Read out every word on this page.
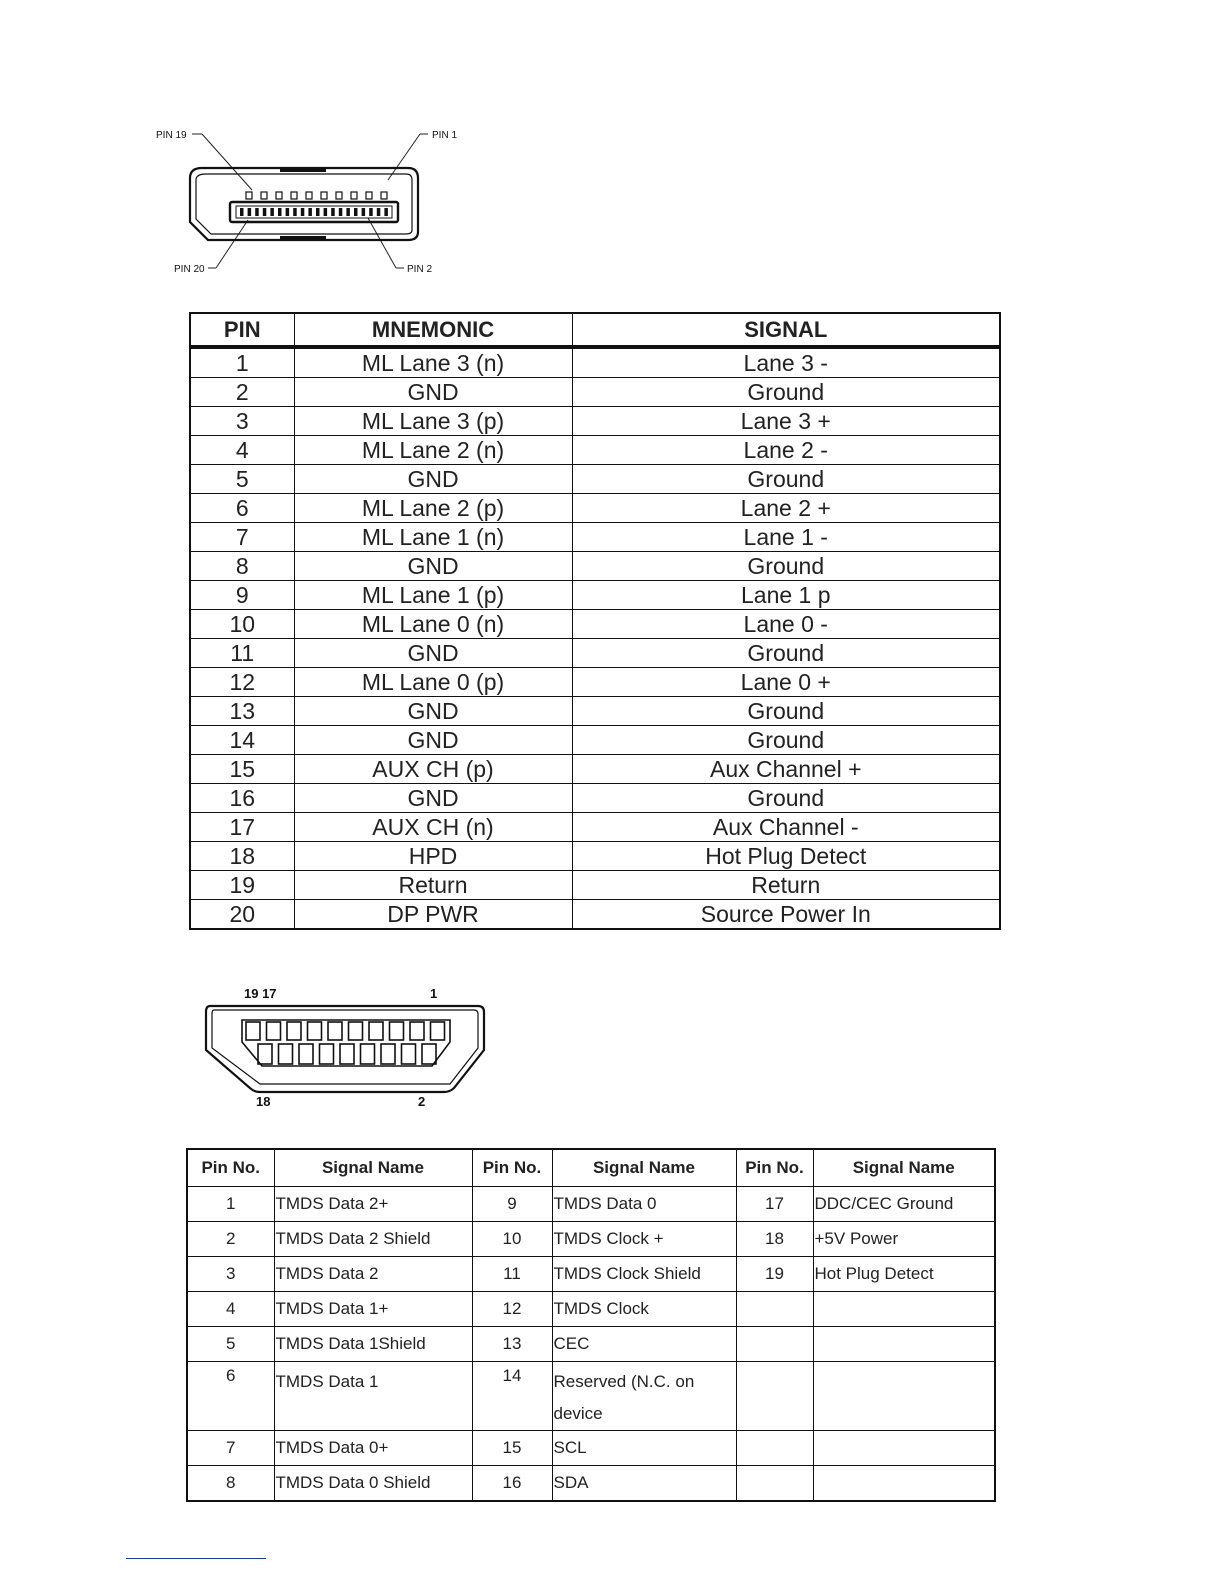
PIN 19	PIN 1
PIN 20	PIN 2
PIN	MNEMONIC	SIGNAL
1	ML Lane 3 (n)	Lane 3 -
2	GND	Ground
3	ML Lane 3 (p)	Lane 3 +
4	ML Lane 2 (n)	Lane 2 -
5	GND	Ground
6	ML Lane 2 (p)	Lane 2 +
7	ML Lane 1 (n)	Lane 1 -
8	GND	Ground
9	ML Lane 1 (p)	Lane 1 p
10	ML Lane 0 (n)	Lane 0 -
11	GND	Ground
12	ML Lane 0 (p)	Lane 0 +
13	GND	Ground
14	GND	Ground
15	AUX CH (p)	Aux Channel +
16	GND	Ground
17	AUX CH (n)	Aux Channel -
18	HPD	Hot Plug Detect
19	Return	Return
20	DP PWR	Source Power In
19 17	1
18	2
Pin No.	Signal Name	Pin No.	Signal Name	Pin No.	Signal Name
1	TMDS Data 2+	9	TMDS Data 0	17	DDC/CEC Ground
2	TMDS Data 2 Shield	10	TMDS Clock +	18	+5V Power
3	TMDS Data 2	11	TMDS Clock Shield	19	Hot Plug Detect
4	TMDS Data 1+	12	TMDS Clock		
5	TMDS Data 1Shield	13	CEC		
6	TMDS Data 1	14	Reserved (N.C. on device		
7	TMDS Data 0+	15	SCL		
8	TMDS Data 0 Shield	16	SDA		
